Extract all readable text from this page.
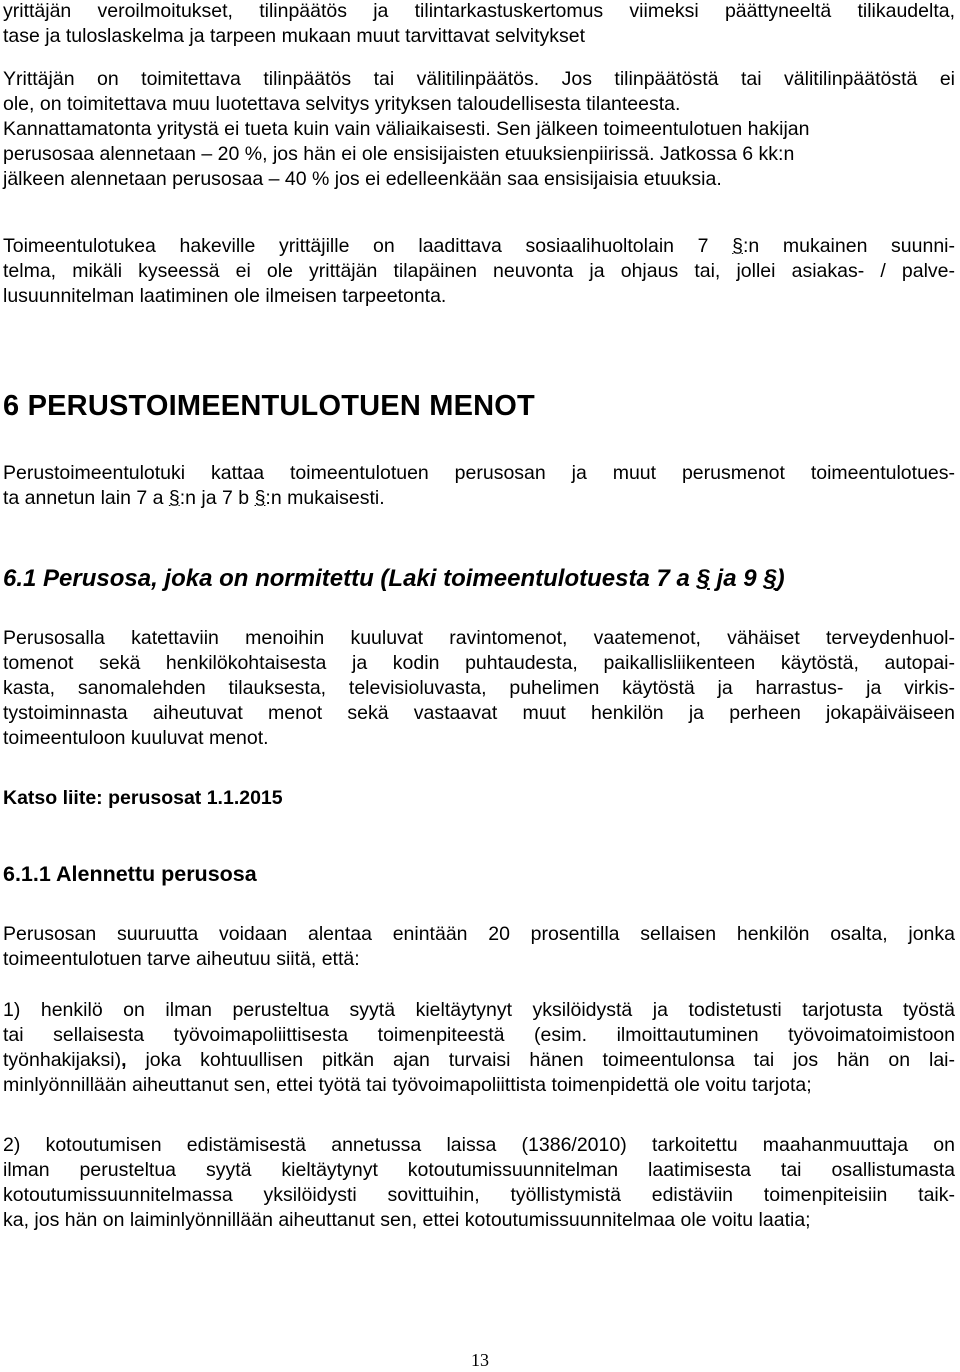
yrittäjän veroilmoitukset, tilinpäätös ja tilintarkastuskertomus viimeksi päättyneeltä tilikaudelta,
tase ja tuloslaskelma ja tarpeen mukaan muut tarvittavat selvitykset
Yrittäjän on toimitettava tilinpäätös tai välitilinpäätös. Jos tilinpäätöstä tai välitilinpäätöstä ei
ole, on toimitettava muu luotettava selvitys yrityksen taloudellisesta tilanteesta.
Kannattamatonta yritystä ei tueta kuin vain väliaikaisesti. Sen jälkeen toimeentulotuen hakijan
perusosaa alennetaan – 20 %, jos hän ei ole ensisijaisten etuuksienpiirissä. Jatkossa 6 kk:n
jälkeen alennetaan perusosaa – 40 % jos ei edelleenkään saa ensisijaisia etuuksia.
Toimeentulotukea hakeville yrittäjille on laadittava sosiaalihuoltolain 7 §:n mukainen suunni-
telma, mikäli kyseessä ei ole yrittäjän tilapäinen neuvonta ja ohjaus tai, jollei asiakas- / palve-
lusuunnitelman laatiminen ole ilmeisen tarpeetonta.
6 PERUSTOIMEENTULOTUEN MENOT
Perustoimeentulotuki kattaa toimeentulotuen perusosan ja muut perusmenot toimeentulotues-
ta annetun lain 7 a §:n ja 7 b §:n mukaisesti.
6.1 Perusosa, joka on normitettu (Laki toimeentulotuesta 7 a § ja 9 §)
Perusosalla katettaviin menoihin kuuluvat ravintomenot, vaatemenot, vähäiset terveydenhuol-
tomenot sekä henkilökohtaisesta ja kodin puhtaudesta, paikallisliikenteen käytöstä, autopai-
kasta, sanomalehden tilauksesta, televisioluvasta, puhelimen käytöstä ja harrastus- ja virkis-
tystoiminnasta aiheutuvat menot sekä vastaavat muut henkilön ja perheen jokapäiväiseen
toimeentuloon kuuluvat menot.
Katso liite: perusosat 1.1.2015
6.1.1 Alennettu perusosa
Perusosan suuruutta voidaan alentaa enintään 20 prosentilla sellaisen henkilön osalta, jonka
toimeentulotuen tarve aiheutuu siitä, että:
1) henkilö on ilman perusteltua syytä kieltäytynyt yksilöidystä ja todistetusti tarjotusta työstä
tai sellaisesta työvoimapoliittisesta toimenpiteestä (esim. ilmoittautuminen työvoimatoimistoon
työnhakijaksi), joka kohtuullisen pitkän ajan turvaisi hänen toimeentulonsa tai jos hän on lai-
minlyönnillään aiheuttanut sen, ettei työtä tai työvoimapoliittista toimenpidettä ole voitu tarjota;
2) kotoutumisen edistämisestä annetussa laissa (1386/2010) tarkoitettu maahanmuuttaja on
ilman perusteltua syytä kieltäytynyt kotoutumissuunnitelman laatimisesta tai osallistumasta
kotoutumissuunnitelmassa yksilöidysti sovittuihin, työllistymistä edistäviin toimenpiteisiin taik-
ka, jos hän on laiminlyönnillään aiheuttanut sen, ettei kotoutumissuunnitelmaa ole voitu laatia;
13
